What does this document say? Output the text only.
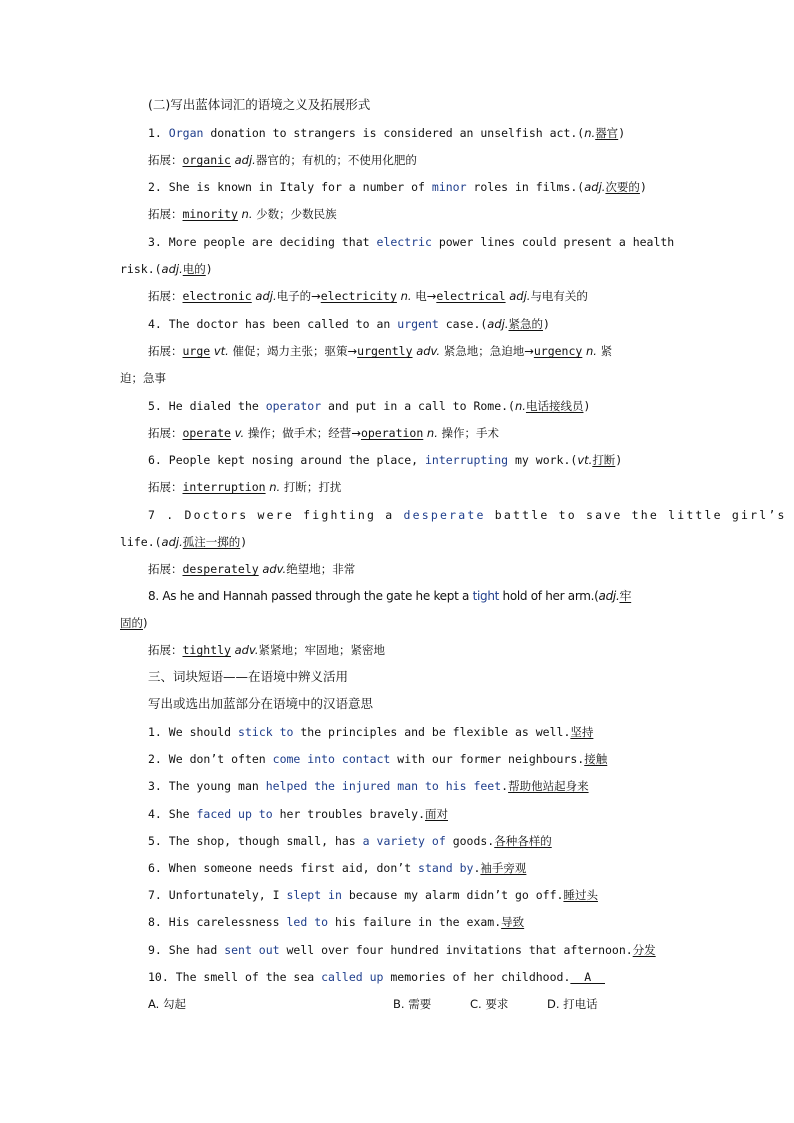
(二)写出蓝体词汇的语境之义及拓展形式
1. Organ donation to strangers is considered an unselfish act.(n.器官)
拓展：organic adj.器官的；有机的；不使用化肥的
2. She is known in Italy for a number of minor roles in films.(adj.次要的)
拓展：minority n. 少数；少数民族
3. More people are deciding that electric power lines could present a health
risk.(adj.电的)
拓展：electronic adj.电子的→electricity n. 电→electrical adj.与电有关的
4. The doctor has been called to an urgent case.(adj.紧急的)
拓展：urge vt. 催促；竭力主张；驱策→urgently adv. 紧急地；急迫地→urgency n. 紧
迫；急事
5. He dialed the operator and put in a call to Rome.(n.电话接线员)
拓展：operate v. 操作；做手术；经营→operation n. 操作；手术
6. People kept nosing around the place, interrupting my work.(vt.打断)
拓展：interruption n. 打断；打扰
7 . Doctors were fighting a desperate battle to save the little girl’s
life.(adj.孤注一掷的)
拓展：desperately adv.绝望地；非常
8. As he and Hannah passed through the gate he kept a tight hold of her arm.(adj.牢
固的)
拓展：tightly adv.紧紧地；牢固地；紧密地
三、词块短语——在语境中辨义活用
写出或选出加蓝部分在语境中的汉语意思
1. We should stick to the principles and be flexible as well.坚持
2. We don’t often come into contact with our former neighbours.接触
3. The young man helped the injured man to his feet.帮助他站起身来
4. She faced up to her troubles bravely.面对
5. The shop, though small, has a variety of goods.各种各样的
6. When someone needs first aid, don’t stand by.袖手旁观
7. Unfortunately, I slept in because my alarm didn’t go off.睡过头
8. His carelessness led to his failure in the exam.导致
9. She had sent out well over four hundred invitations that afternoon.分发
10. The smell of the sea called up memories of her childhood.  A
A. 勾起	B. 需要	C. 要求	D. 打电话
